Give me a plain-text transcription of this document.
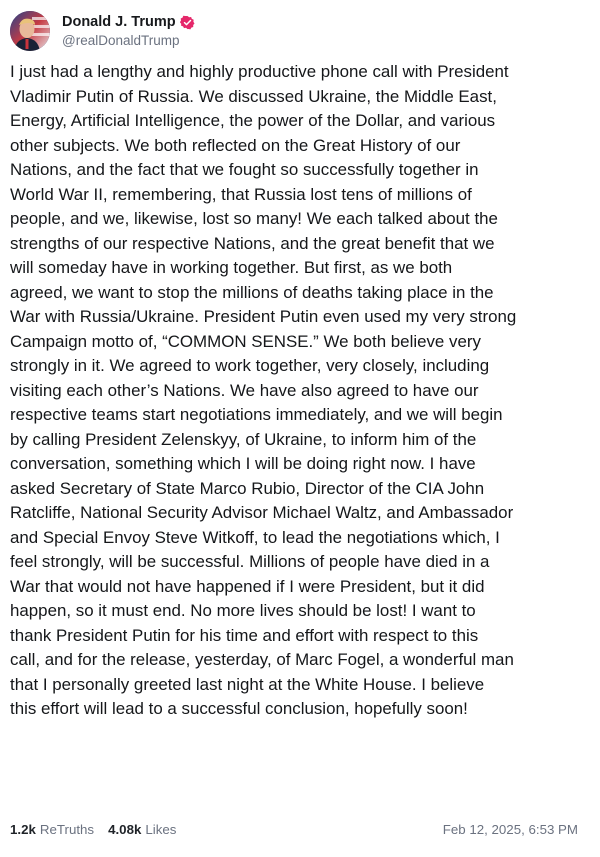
Donald J. Trump
@realDonaldTrump
I just had a lengthy and highly productive phone call with President
Vladimir Putin of Russia. We discussed Ukraine, the Middle East,
Energy, Artificial Intelligence, the power of the Dollar, and various
other subjects. We both reflected on the Great History of our
Nations, and the fact that we fought so successfully together in
World War II, remembering, that Russia lost tens of millions of
people, and we, likewise, lost so many! We each talked about the
strengths of our respective Nations, and the great benefit that we
will someday have in working together. But first, as we both
agreed, we want to stop the millions of deaths taking place in the
War with Russia/Ukraine. President Putin even used my very strong
Campaign motto of, “COMMON SENSE.” We both believe very
strongly in it. We agreed to work together, very closely, including
visiting each other’s Nations. We have also agreed to have our
respective teams start negotiations immediately, and we will begin
by calling President Zelenskyy, of Ukraine, to inform him of the
conversation, something which I will be doing right now. I have
asked Secretary of State Marco Rubio, Director of the CIA John
Ratcliffe, National Security Advisor Michael Waltz, and Ambassador
and Special Envoy Steve Witkoff, to lead the negotiations which, I
feel strongly, will be successful. Millions of people have died in a
War that would not have happened if I were President, but it did
happen, so it must end. No more lives should be lost! I want to
thank President Putin for his time and effort with respect to this
call, and for the release, yesterday, of Marc Fogel, a wonderful man
that I personally greeted last night at the White House. I believe
this effort will lead to a successful conclusion, hopefully soon!
1.2k ReTruths 4.08k Likes	Feb 12, 2025, 6:53 PM
